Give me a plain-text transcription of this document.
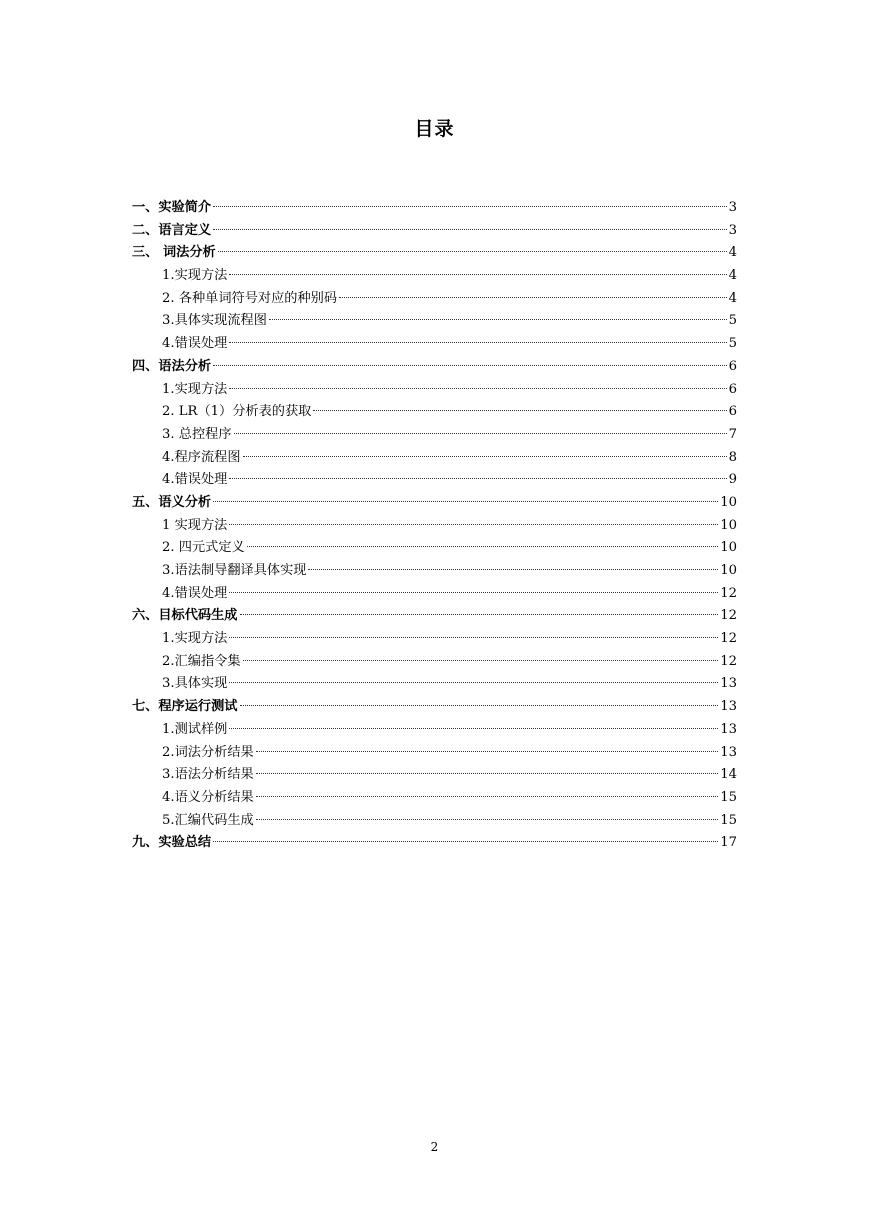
目录
一、实验简介	3
二、语言定义	3
三、 词法分析	4
1.实现方法	4
2. 各种单词符号对应的种别码	4
3.具体实现流程图	5
4.错误处理	5
四、语法分析	6
1.实现方法	6
2. LR（1）分析表的获取	6
3. 总控程序	7
4.程序流程图	8
4.错误处理	9
五、语义分析	10
1 实现方法	10
2. 四元式定义	10
3.语法制导翻译具体实现	10
4.错误处理	12
六、目标代码生成	12
1.实现方法	12
2.汇编指令集	12
3.具体实现	13
七、程序运行测试	13
1.测试样例	13
2.词法分析结果	13
3.语法分析结果	14
4.语义分析结果	15
5.汇编代码生成	15
九、实验总结	17
2
